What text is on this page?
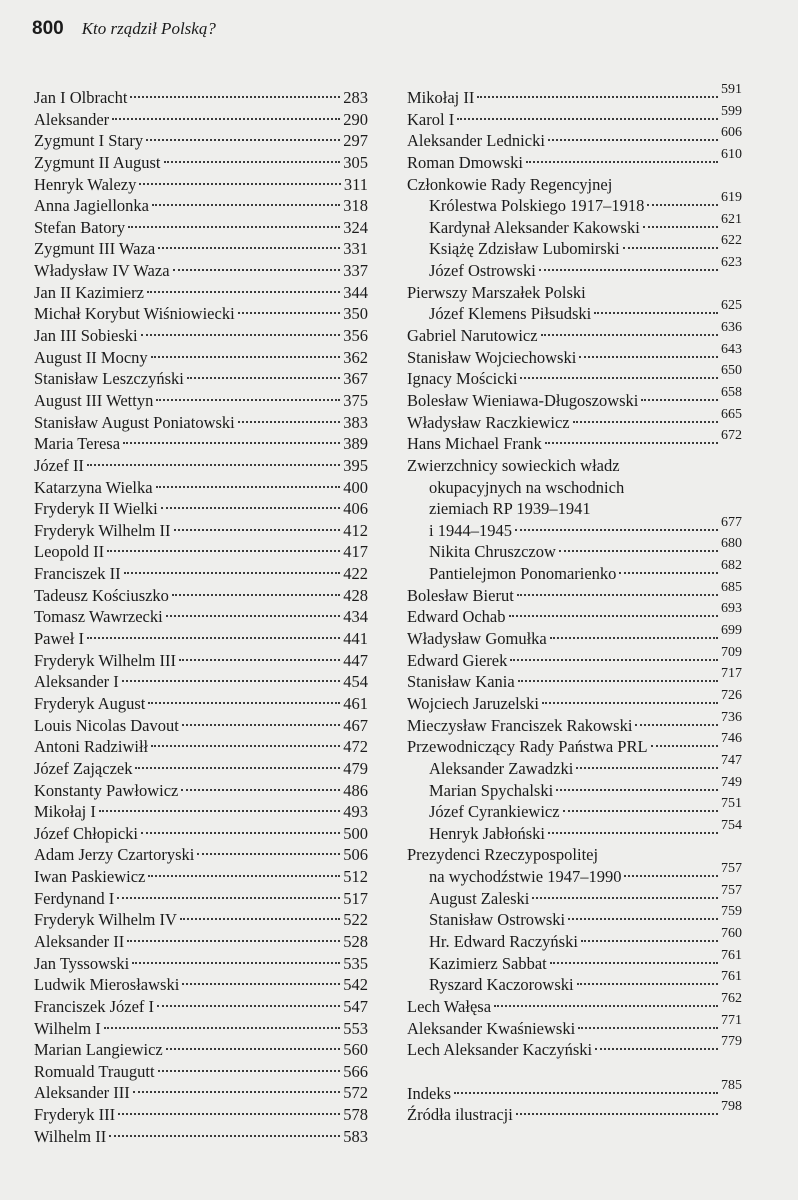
800 Kto rządził Polską?
Jan I Olbracht	283
Aleksander	290
Zygmunt I Stary	297
Zygmunt II August	305
Henryk Walezy	311
Anna Jagiellonka	318
Stefan Batory	324
Zygmunt III Waza	331
Władysław IV Waza	337
Jan II Kazimierz	344
Michał Korybut Wiśniowiecki	350
Jan III Sobieski	356
August II Mocny	362
Stanisław Leszczyński	367
August III Wettyn	375
Stanisław August Poniatowski	383
Maria Teresa	389
Józef II	395
Katarzyna Wielka	400
Fryderyk II Wielki	406
Fryderyk Wilhelm II	412
Leopold II	417
Franciszek II	422
Tadeusz Kościuszko	428
Tomasz Wawrzecki	434
Paweł I	441
Fryderyk Wilhelm III	447
Aleksander I	454
Fryderyk August	461
Louis Nicolas Davout	467
Antoni Radziwiłł	472
Józef Zajączek	479
Konstanty Pawłowicz	486
Mikołaj I	493
Józef Chłopicki	500
Adam Jerzy Czartoryski	506
Iwan Paskiewicz	512
Ferdynand I	517
Fryderyk Wilhelm IV	522
Aleksander II	528
Jan Tyssowski	535
Ludwik Mierosławski	542
Franciszek Józef I	547
Wilhelm I	553
Marian Langiewicz	560
Romuald Traugutt	566
Aleksander III	572
Fryderyk III	578
Wilhelm II	583
Mikołaj II	591
Karol I	599
Aleksander Lednicki	606
Roman Dmowski	610
Członkowie Rady Regencyjnej
Królestwa Polskiego 1917–1918	619
Kardynał Aleksander Kakowski	621
Książę Zdzisław Lubomirski	622
Józef Ostrowski	623
Pierwszy Marszałek Polski
Józef Klemens Piłsudski	625
Gabriel Narutowicz	636
Stanisław Wojciechowski	643
Ignacy Mościcki	650
Bolesław Wieniawa-Długoszowski	658
Władysław Raczkiewicz	665
Hans Michael Frank	672
Zwierzchnicy sowieckich władz
okupacyjnych na wschodnich
ziemiach RP 1939–1941
i 1944–1945	677
Nikita Chruszczow	680
Pantielejmon Ponomarienko	682
Bolesław Bierut	685
Edward Ochab	693
Władysław Gomułka	699
Edward Gierek	709
Stanisław Kania	717
Wojciech Jaruzelski	726
Mieczysław Franciszek Rakowski	736
Przewodniczący Rady Państwa PRL	746
Aleksander Zawadzki	747
Marian Spychalski	749
Józef Cyrankiewicz	751
Henryk Jabłoński	754
Prezydenci Rzeczypospolitej
na wychodźstwie 1947–1990	757
August Zaleski	757
Stanisław Ostrowski	759
Hr. Edward Raczyński	760
Kazimierz Sabbat	761
Ryszard Kaczorowski	761
Lech Wałęsa	762
Aleksander Kwaśniewski	771
Lech Aleksander Kaczyński	779
Indeks	785
Źródła ilustracji	798
